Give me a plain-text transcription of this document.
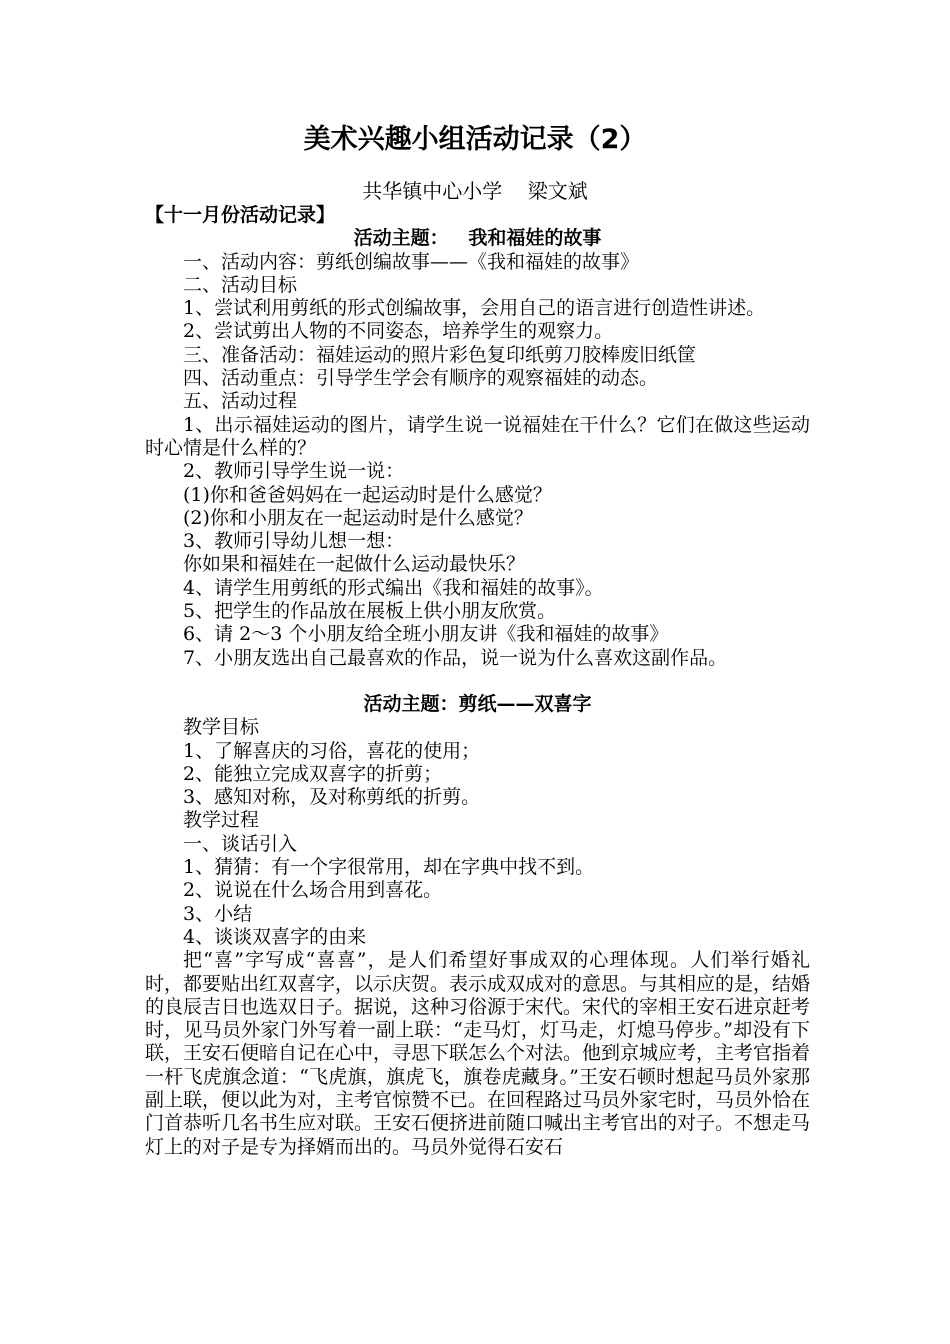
美术兴趣小组活动记录（2）
共华镇中心小学    梁文斌

【十一月份活动记录】

活动主题：   我和福娃的故事

一、活动内容：剪纸创编故事——《我和福娃的故事》

二、活动目标

1、尝试利用剪纸的形式创编故事，会用自己的语言进行创造性讲述。

2、尝试剪出人物的不同姿态，培养学生的观察力。

三、准备活动：福娃运动的照片彩色复印纸剪刀胶棒废旧纸筐

四、活动重点：引导学生学会有顺序的观察福娃的动态。

五、活动过程

1、出示福娃运动的图片，请学生说一说福娃在干什么？它们在做这些运动时心情是什么样的？

2、教师引导学生说一说：

(1)你和爸爸妈妈在一起运动时是什么感觉？

(2)你和小朋友在一起运动时是什么感觉？

3、教师引导幼儿想一想：

你如果和福娃在一起做什么运动最快乐？

4、请学生用剪纸的形式编出《我和福娃的故事》。

5、把学生的作品放在展板上供小朋友欣赏。

6、请 2～3 个小朋友给全班小朋友讲《我和福娃的故事》

7、小朋友选出自己最喜欢的作品，说一说为什么喜欢这副作品。

活动主题：剪纸——双喜字

教学目标

1、了解喜庆的习俗，喜花的使用；

2、能独立完成双喜字的折剪；

3、感知对称，及对称剪纸的折剪。

教学过程

一、谈话引入

1、猜猜：有一个字很常用，却在字典中找不到。

2、说说在什么场合用到喜花。

3、小结

4、谈谈双喜字的由来

把“喜”字写成“喜喜”，是人们希望好事成双的心理体现。人们举行婚礼时，都要贴出红双喜字，以示庆贺。表示成双成对的意思。与其相应的是，结婚的良辰吉日也选双日子。据说，这种习俗源于宋代。宋代的宰相王安石进京赶考时，见马员外家门外写着一副上联：“走马灯，灯马走，灯熄马停步。”却没有下联，王安石便暗自记在心中，寻思下联怎么个对法。他到京城应考，主考官指着一杆飞虎旗念道：“飞虎旗，旗虎飞，旗卷虎藏身。”王安石顿时想起马员外家那副上联，便以此为对，主考官惊赞不已。在回程路过马员外家宅时，马员外恰在门首恭听几名书生应对联。王安石便挤进前随口喊出主考官出的对子。不想走马灯上的对子是专为择婿而出的。马员外觉得石安石
